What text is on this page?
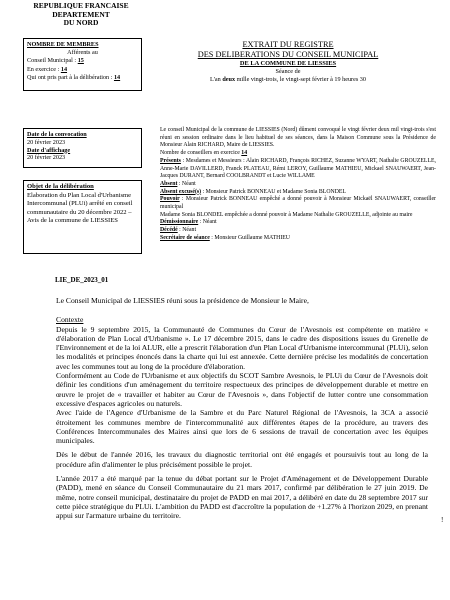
REPUBLIQUE FRANCAISE
DEPARTEMENT
DU NORD
NOMBRE DE MEMBRES
Afférents au
Conseil Municipal : 15
En exercice : 14
Qui ont pris part à la délibération : 14
Date de la convocation
20 février 2023
Date d'affichage
20 février 2023
Objet de la délibération
Elaboration du Plan Local d'Urbanisme Intercommunal (PLUi) arrêté en conseil communautaire du 20 décembre 2022 – Avis de la commune de LIESSIES
LIE_DE_2023_01
EXTRAIT DU REGISTRE
DES DELIBERATIONS DU CONSEIL MUNICIPAL
DE LA COMMUNE DE LIESSIES
Séance de
L'an deux mille vingt-trois, le vingt-sept février à 19 heures 30

Le conseil Municipal de la commune de LIESSIES (Nord) dûment convoqué le vingt février deux mil vingt-trois s'est réuni en session ordinaire dans le lieu habituel de ses séances, dans la Maison Commune sous la Présidence de Monsieur Alain RICHARD, Maire de LIESSIES.

Nombre de conseillers en exercice 14

Présents : Mesdames et Messieurs : Alain RICHARD, François RICHEZ, Suzanne WYART, Nathalie GROUZELLE, Anne-Marie DAVILLERD, Franck PLATEAU, Rémi LEROY, Guillaume MATHIEU, Mickael SNAUWAERT, Jean-Jacques DURANT, Bernard COOLBRANDT et Lucie WILLAME

Absent : Néant

Absent excusé(s) : Monsieur Patrick BONNEAU et Madame Sonia BLONDEL

Pouvoir : Monsieur Patrick BONNEAU empêché a donné pouvoir à Monsieur Mickaël SNAUWAERT, conseiller municipal

Madame Sonia BLONDEL empêchée a donné pouvoir à Madame Nathalie GROUZELLE, adjointe au maire

Démissionnaire : Néant

Décédé : Néant

Secrétaire de séance : Monsieur Guillaume MATHIEU

Le Conseil Municipal de LIESSIES réuni sous la présidence de Monsieur le Maire,

Contexte

Depuis le 9 septembre 2015, la Communauté de Communes du Cœur de l'Avesnois est compétente en matière « d'élaboration de Plan Local d'Urbanisme ». Le 17 décembre 2015, dans le cadre des dispositions issues du Grenelle de l'Environnement et de la loi ALUR, elle a prescrit l'élaboration d'un Plan Local d'Urbanisme intercommunal (PLUi), selon les modalités et principes énoncés dans la charte qui lui est annexée. Cette dernière précise les modalités de concertation avec les communes tout au long de la procédure d'élaboration.

Conformément au Code de l'Urbanisme et aux objectifs du SCOT Sambre Avesnois, le PLUi du Cœur de l'Avesnois doit définir les conditions d'un aménagement du territoire respectueux des principes de développement durable et mettre en œuvre le projet de « travailler et habiter au Cœur de l'Avesnois », dans l'objectif de lutter contre une consommation excessive d'espaces agricoles ou naturels.

Avec l'aide de l'Agence d'Urbanisme de la Sambre et du Parc Naturel Régional de l'Avesnois, la 3CA a associé étroitement les communes membre de l'intercommunalité aux différentes étapes de la procédure, au travers des Conférences Intercommunales des Maires ainsi que lors de 6 sessions de travail de concertation avec les équipes municipales.

Dès le début de l'année 2016, les travaux du diagnostic territorial ont été engagés et poursuivis tout au long de la procédure afin d'alimenter le plus précisément possible le projet.

L'année 2017 a été marqué par la tenue du débat portant sur le Projet d'Aménagement et de Développement Durable (PADD), mené en séance du Conseil Communautaire du 21 mars 2017, confirmé par délibération le 27 juin 2019. De même, notre conseil municipal, destinataire du projet de PADD en mai 2017, a délibéré en date du 28 septembre 2017 sur cette pièce stratégique du PLUi. L'ambition du PADD est d'accroître la population de +1.27% à l'horizon 2029, en prenant appui sur l'armature urbaine du territoire.	!
